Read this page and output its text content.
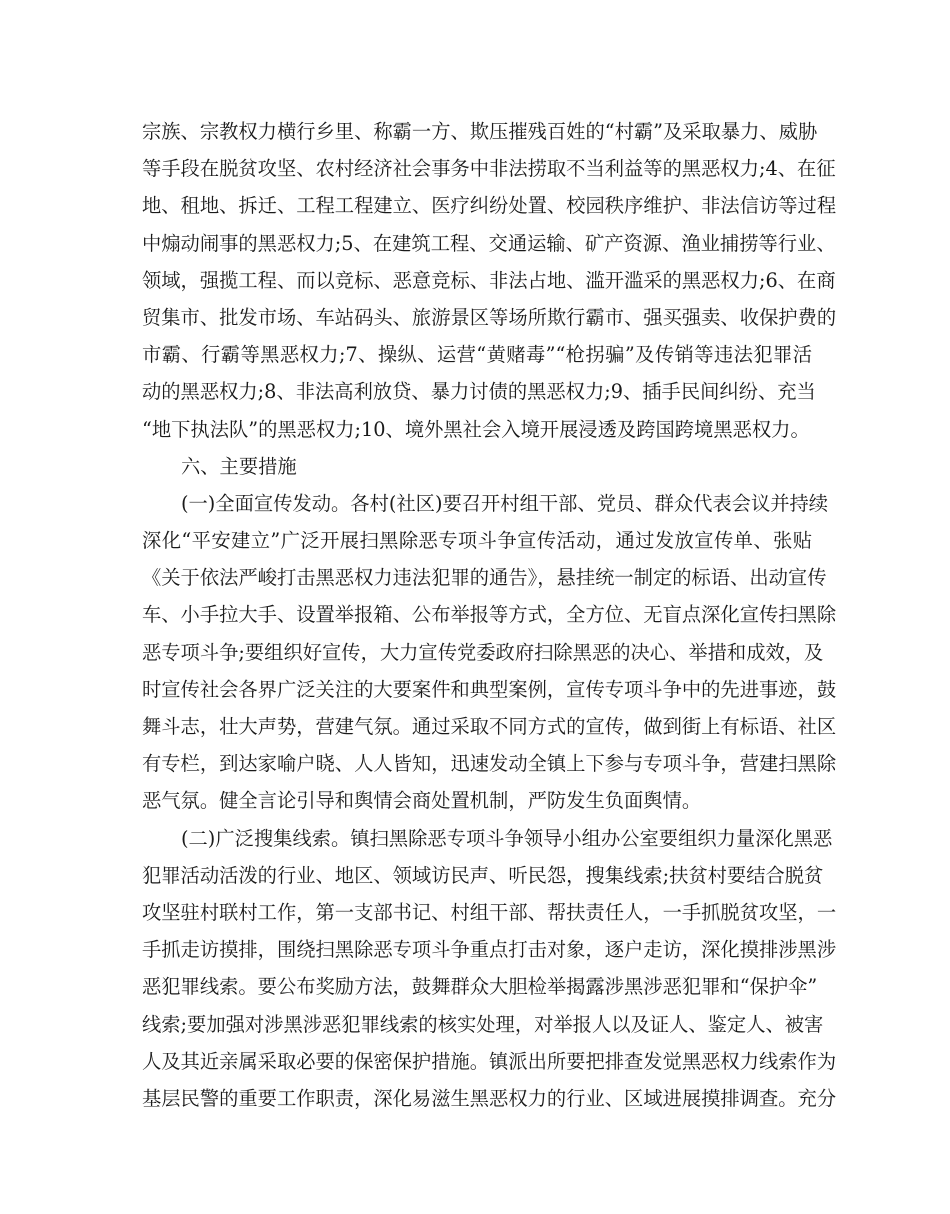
宗族、宗教权力横行乡里、称霸一方、欺压摧残百姓的“村霸”及采取暴力、威胁
等手段在脱贫攻坚、农村经济社会事务中非法捞取不当利益等的黑恶权力;4、在征
地、租地、拆迁、工程工程建立、医疗纠纷处置、校园秩序维护、非法信访等过程
中煽动闹事的黑恶权力;5、在建筑工程、交通运输、矿产资源、渔业捕捞等行业、
领域，强揽工程、而以竞标、恶意竞标、非法占地、滥开滥采的黑恶权力;6、在商
贸集市、批发市场、车站码头、旅游景区等场所欺行霸市、强买强卖、收保护费的
市霸、行霸等黑恶权力;7、操纵、运营“黄赌毒”“枪拐骗”及传销等违法犯罪活
动的黑恶权力;8、非法高利放贷、暴力讨债的黑恶权力;9、插手民间纠纷、充当
“地下执法队”的黑恶权力;10、境外黑社会入境开展浸透及跨国跨境黑恶权力。
六、主要措施
(一)全面宣传发动。各村(社区)要召开村组干部、党员、群众代表会议并持续
深化“平安建立”广泛开展扫黑除恶专项斗争宣传活动，通过发放宣传单、张贴
《关于依法严峻打击黑恶权力违法犯罪的通告》，悬挂统一制定的标语、出动宣传
车、小手拉大手、设置举报箱、公布举报等方式，全方位、无盲点深化宣传扫黑除
恶专项斗争;要组织好宣传，大力宣传党委政府扫除黑恶的决心、举措和成效，及
时宣传社会各界广泛关注的大要案件和典型案例，宣传专项斗争中的先进事迹，鼓
舞斗志，壮大声势，营建气氛。通过采取不同方式的宣传，做到街上有标语、社区
有专栏，到达家喻户晓、人人皆知，迅速发动全镇上下参与专项斗争，营建扫黑除
恶气氛。健全言论引导和舆情会商处置机制，严防发生负面舆情。
(二)广泛搜集线索。镇扫黑除恶专项斗争领导小组办公室要组织力量深化黑恶
犯罪活动活泼的行业、地区、领域访民声、听民怨，搜集线索;扶贫村要结合脱贫
攻坚驻村联村工作，第一支部书记、村组干部、帮扶责任人，一手抓脱贫攻坚，一
手抓走访摸排，围绕扫黑除恶专项斗争重点打击对象，逐户走访，深化摸排涉黑涉
恶犯罪线索。要公布奖励方法，鼓舞群众大胆检举揭露涉黑涉恶犯罪和“保护伞”
线索;要加强对涉黑涉恶犯罪线索的核实处理，对举报人以及证人、鉴定人、被害
人及其近亲属采取必要的保密保护措施。镇派出所要把排查发觉黑恶权力线索作为
基层民警的重要工作职责，深化易滋生黑恶权力的行业、区域进展摸排调查。充分
